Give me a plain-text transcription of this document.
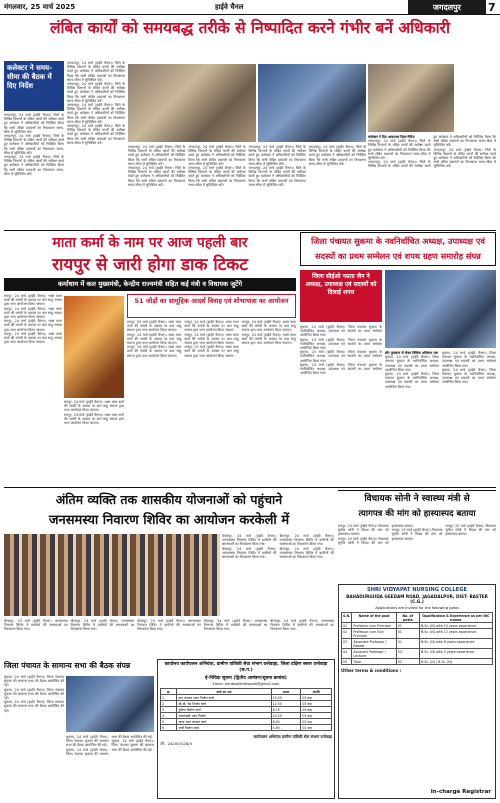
मंगलवार, 25 मार्च 2025	हाईवे चैनल	जगदलपुर	7
लंबित कार्यों को समयबद्ध तरीके से निष्पादित करने गंभीर बनें अधिकारी
कलेक्टर ने समय-सीमा की बैठक में दिए निर्देश
जगदलपुर, 24 मार्च (हाईवे चैनल)। जिले के विभिन्न विभागों के लंबित कार्यों की समीक्षा करते हुए कलेक्टर ने अधिकारियों को निर्देशित किया कि सभी लंबित प्रकरणों का निराकरण समय-सीमा में सुनिश्चित करें।
जगदलपुर, 24 मार्च (हाईवे चैनल)। जिले के विभिन्न विभागों के लंबित कार्यों की समीक्षा करते हुए कलेक्टर ने अधिकारियों को निर्देशित किया कि सभी लंबित प्रकरणों का निराकरण समय-सीमा में सुनिश्चित करें।
जगदलपुर, 24 मार्च (हाईवे चैनल)। जिले के विभिन्न विभागों के लंबित कार्यों की समीक्षा करते हुए कलेक्टर ने अधिकारियों को निर्देशित किया कि सभी लंबित प्रकरणों का निराकरण समय-सीमा में सुनिश्चित करें।
जगदलपुर, 24 मार्च (हाईवे चैनल)। जिले के विभिन्न विभागों के लंबित कार्यों की समीक्षा करते हुए कलेक्टर ने अधिकारियों को निर्देशित किया कि सभी लंबित प्रकरणों का निराकरण समय-सीमा में सुनिश्चित करें।
जगदलपुर, 24 मार्च (हाईवे चैनल)। जिले के विभिन्न विभागों के लंबित कार्यों की समीक्षा करते हुए कलेक्टर ने अधिकारियों को निर्देशित किया कि सभी लंबित प्रकरणों का निराकरण समय-सीमा में सुनिश्चित करें।
जगदलपुर, 24 मार्च (हाईवे चैनल)। जिले के विभिन्न विभागों के लंबित कार्यों की समीक्षा करते हुए कलेक्टर ने अधिकारियों को निर्देशित किया कि सभी लंबित प्रकरणों का निराकरण समय-सीमा में सुनिश्चित करें।
जगदलपुर, 24 मार्च (हाईवे चैनल)। जिले के विभिन्न विभागों के लंबित कार्यों की समीक्षा करते हुए कलेक्टर ने अधिकारियों को निर्देशित किया कि सभी लंबित प्रकरणों का निराकरण समय-सीमा में सुनिश्चित करें।
जगदलपुर, 24 मार्च (हाईवे चैनल)। जिले के विभिन्न विभागों के लंबित कार्यों की समीक्षा करते हुए कलेक्टर ने अधिकारियों को निर्देशित किया कि सभी लंबित प्रकरणों का निराकरण समय-सीमा में सुनिश्चित करें।
जगदलपुर, 24 मार्च (हाईवे चैनल)। जिले के विभिन्न विभागों के लंबित कार्यों की समीक्षा करते हुए कलेक्टर ने अधिकारियों को निर्देशित किया कि सभी लंबित प्रकरणों का निराकरण समय-सीमा में सुनिश्चित करें।
जगदलपुर, 24 मार्च (हाईवे चैनल)। जिले के विभिन्न विभागों के लंबित कार्यों की समीक्षा करते हुए कलेक्टर ने अधिकारियों को निर्देशित किया कि सभी लंबित प्रकरणों का निराकरण समय-सीमा में सुनिश्चित करें।
जगदलपुर, 24 मार्च (हाईवे चैनल)। जिले के विभिन्न विभागों के लंबित कार्यों की समीक्षा करते हुए कलेक्टर ने अधिकारियों को निर्देशित किया कि सभी लंबित प्रकरणों का निराकरण समय-सीमा में सुनिश्चित करें।
जगदलपुर, 24 मार्च (हाईवे चैनल)। जिले के विभिन्न विभागों के लंबित कार्यों की समीक्षा करते हुए कलेक्टर ने अधिकारियों को निर्देशित किया कि सभी लंबित प्रकरणों का निराकरण समय-सीमा में सुनिश्चित करें।
जगदलपुर, 24 मार्च (हाईवे चैनल)। जिले के विभिन्न विभागों के लंबित कार्यों की समीक्षा करते हुए कलेक्टर ने अधिकारियों को निर्देशित किया कि सभी लंबित प्रकरणों का निराकरण समय-सीमा में सुनिश्चित करें।
जगदलपुर, 24 मार्च (हाईवे चैनल)। जिले के विभिन्न विभागों के लंबित कार्यों की समीक्षा करते हुए कलेक्टर ने अधिकारियों को निर्देशित किया कि सभी लंबित प्रकरणों का निराकरण समय-सीमा में सुनिश्चित करें।
कलेक्टर ने दिए आवश्यक दिशा-निर्देश
जगदलपुर, 24 मार्च (हाईवे चैनल)। जिले के विभिन्न विभागों के लंबित कार्यों की समीक्षा करते हुए कलेक्टर ने अधिकारियों को निर्देशित किया कि सभी लंबित प्रकरणों का निराकरण समय-सीमा में सुनिश्चित करें।
जगदलपुर, 24 मार्च (हाईवे चैनल)। जिले के विभिन्न विभागों के लंबित कार्यों की समीक्षा करते हुए कलेक्टर ने अधिकारियों को निर्देशित किया कि सभी लंबित प्रकरणों का निराकरण समय-सीमा में सुनिश्चित करें।
जगदलपुर, 24 मार्च (हाईवे चैनल)। जिले के विभिन्न विभागों के लंबित कार्यों की समीक्षा करते हुए कलेक्टर ने अधिकारियों को निर्देशित किया कि सभी लंबित प्रकरणों का निराकरण समय-सीमा में सुनिश्चित करें।
माता कर्मा के नाम पर आज पहली बार
रायपुर से जारी होगा डाक टिकट
कर्माधाम में कल मुख्यमंत्री, केन्द्रीय राज्यमंत्री सहित कई मंत्री व विधायक जुटेंगे
रायपुर, 24 मार्च (हाईवे चैनल)। भक्त माता कर्मा की जयंती के अवसर पर कल साहू समाज द्वारा भव्य आयोजन किया जाएगा।
रायपुर, 24 मार्च (हाईवे चैनल)। भक्त माता कर्मा की जयंती के अवसर पर कल साहू समाज द्वारा भव्य आयोजन किया जाएगा।
रायपुर, 24 मार्च (हाईवे चैनल)। भक्त माता कर्मा की जयंती के अवसर पर कल साहू समाज द्वारा भव्य आयोजन किया जाएगा।
रायपुर, 24 मार्च (हाईवे चैनल)। भक्त माता कर्मा की जयंती के अवसर पर कल साहू समाज द्वारा भव्य आयोजन किया जाएगा।
51 जोड़ों का सामूहिक आदर्श विवाह एवं शोभायात्रा का आयोजन
रायपुर, 24 मार्च (हाईवे चैनल)। भक्त माता कर्मा की जयंती के अवसर पर कल साहू समाज द्वारा भव्य आयोजन किया जाएगा।
रायपुर, 24 मार्च (हाईवे चैनल)। भक्त माता कर्मा की जयंती के अवसर पर कल साहू समाज द्वारा भव्य आयोजन किया जाएगा।
रायपुर, 24 मार्च (हाईवे चैनल)। भक्त माता कर्मा की जयंती के अवसर पर कल साहू समाज द्वारा भव्य आयोजन किया जाएगा।
रायपुर, 24 मार्च (हाईवे चैनल)। भक्त माता कर्मा की जयंती के अवसर पर कल साहू समाज द्वारा भव्य आयोजन किया जाएगा।
रायपुर, 24 मार्च (हाईवे चैनल)। भक्त माता कर्मा की जयंती के अवसर पर कल साहू समाज द्वारा भव्य आयोजन किया जाएगा।
रायपुर, 24 मार्च (हाईवे चैनल)। भक्त माता कर्मा की जयंती के अवसर पर कल साहू समाज द्वारा भव्य आयोजन किया जाएगा।
रायपुर, 24 मार्च (हाईवे चैनल)। भक्त माता कर्मा की जयंती के अवसर पर कल साहू समाज द्वारा भव्य आयोजन किया जाएगा।
रायपुर, 24 मार्च (हाईवे चैनल)। भक्त माता कर्मा की जयंती के अवसर पर कल साहू समाज द्वारा भव्य आयोजन किया जाएगा।
रायपुर, 24 मार्च (हाईवे चैनल)। भक्त माता कर्मा की जयंती के अवसर पर कल साहू समाज द्वारा भव्य आयोजन किया जाएगा।
रायपुर, 24 मार्च (हाईवे चैनल)। भक्त माता कर्मा की जयंती के अवसर पर कल साहू समाज द्वारा भव्य आयोजन किया जाएगा।
जिला पंचायत सुकमा के नवनिर्वाचित अध्यक्ष, उपाध्यक्ष एवं
सदस्यों का प्रथम सम्मेलन एवं शपथ ग्रहण समारोह संपन्न
जिला सीईओ नम्रता जैन ने अध्यक्ष, उपाध्यक्ष एवं सदस्यों को दिलाई शपथ
सुकमा, 24 मार्च (हाईवे चैनल)। जिला पंचायत सुकमा के नवनिर्वाचित अध्यक्ष, उपाध्यक्ष एवं सदस्यों का प्रथम सम्मेलन आयोजित किया गया।
सुकमा, 24 मार्च (हाईवे चैनल)। जिला पंचायत सुकमा के नवनिर्वाचित अध्यक्ष, उपाध्यक्ष एवं सदस्यों का प्रथम सम्मेलन आयोजित किया गया।
सुकमा, 24 मार्च (हाईवे चैनल)। जिला पंचायत सुकमा के नवनिर्वाचित अध्यक्ष, उपाध्यक्ष एवं सदस्यों का प्रथम सम्मेलन आयोजित किया गया।
सुकमा, 24 मार्च (हाईवे चैनल)। जिला पंचायत सुकमा के नवनिर्वाचित अध्यक्ष, उपाध्यक्ष एवं सदस्यों का प्रथम सम्मेलन आयोजित किया गया।
सौर पुरस्कार से लेकर विधिक अधिकार तक
सुकमा, 24 मार्च (हाईवे चैनल)। जिला पंचायत सुकमा के नवनिर्वाचित अध्यक्ष, उपाध्यक्ष एवं सदस्यों का प्रथम सम्मेलन आयोजित किया गया।
सुकमा, 24 मार्च (हाईवे चैनल)। जिला पंचायत सुकमा के नवनिर्वाचित अध्यक्ष, उपाध्यक्ष एवं सदस्यों का प्रथम सम्मेलन आयोजित किया गया।
सुकमा, 24 मार्च (हाईवे चैनल)। जिला पंचायत सुकमा के नवनिर्वाचित अध्यक्ष, उपाध्यक्ष एवं सदस्यों का प्रथम सम्मेलन आयोजित किया गया।
सुकमा, 24 मार्च (हाईवे चैनल)। जिला पंचायत सुकमा के नवनिर्वाचित अध्यक्ष, उपाध्यक्ष एवं सदस्यों का प्रथम सम्मेलन आयोजित किया गया।
अंतिम व्यक्ति तक शासकीय योजनाओं को पहुंचाने
जनसमस्या निवारण शिविर का आयोजन करकेली में
बीजापुर, 24 मार्च (हाईवे चैनल)। जनसमस्या निवारण शिविर में ग्रामीणों की समस्याओं का निराकरण किया गया।
बीजापुर, 24 मार्च (हाईवे चैनल)। जनसमस्या निवारण शिविर में ग्रामीणों की समस्याओं का निराकरण किया गया।
बीजापुर, 24 मार्च (हाईवे चैनल)। जनसमस्या निवारण शिविर में ग्रामीणों की समस्याओं का निराकरण किया गया।
बीजापुर, 24 मार्च (हाईवे चैनल)। जनसमस्या निवारण शिविर में ग्रामीणों की समस्याओं का निराकरण किया गया।
बीजापुर, 24 मार्च (हाईवे चैनल)। जनसमस्या निवारण शिविर में ग्रामीणों की समस्याओं का निराकरण किया गया।
बीजापुर, 24 मार्च (हाईवे चैनल)। जनसमस्या निवारण शिविर में ग्रामीणों की समस्याओं का निराकरण किया गया।
बीजापुर, 24 मार्च (हाईवे चैनल)। जनसमस्या निवारण शिविर में ग्रामीणों की समस्याओं का निराकरण किया गया।
बीजापुर, 24 मार्च (हाईवे चैनल)। जनसमस्या निवारण शिविर में ग्रामीणों की समस्याओं का निराकरण किया गया।
बीजापुर, 24 मार्च (हाईवे चैनल)। जनसमस्या निवारण शिविर में ग्रामीणों की समस्याओं का निराकरण किया गया।
विधायक सोनी ने स्वास्थ्य मंत्री से
त्यागपत्र की मांग को हास्यास्पद बताया
रायपुर, 25 मार्च (हाईवे चैनल)। विधायक सुनील सोनी ने विपक्ष की मांग को हास्यास्पद बताया।
रायपुर, 25 मार्च (हाईवे चैनल)। विधायक सुनील सोनी ने विपक्ष की मांग को हास्यास्पद बताया।
रायपुर, 25 मार्च (हाईवे चैनल)। विधायक सुनील सोनी ने विपक्ष की मांग को हास्यास्पद बताया।
रायपुर, 25 मार्च (हाईवे चैनल)। विधायक सुनील सोनी ने विपक्ष की मांग को हास्यास्पद बताया।
SHRI VIDYAPAT NURSING COLLEGE
BAHADURGUDA GEEDAM ROAD, JAGADALPUR, DIST- BASTER (C.G.)
Applications are invited for the following posts
S.N.	Name of the post	No. of posts	Qualification & Experience as per INC norms
01	Professor cum Principal	01	M.Sc. (N) with 15 years experience
02	Professor cum Vice Principal	01	M.Sc. (N) with 12 years experience
03	Associate Professor / Reader	01	M.Sc. (N) with 8 years experience
04	Assistant Professor / Lecturer	03	M.Sc. (N) with 3 years experience
05	Tutor	02	M.Sc. (N) / B.Sc. (N)
Other terms & conditions :
In-charge Registrar
जिला पंचायत के सामान्य सभा की बैठक संपन्न
सुकमा, 24 मार्च (हाईवे चैनल)। जिला पंचायत सुकमा की सामान्य सभा की बैठक आयोजित की गई।
सुकमा, 24 मार्च (हाईवे चैनल)। जिला पंचायत सुकमा की सामान्य सभा की बैठक आयोजित की गई।
सुकमा, 24 मार्च (हाईवे चैनल)। जिला पंचायत सुकमा की सामान्य सभा की बैठक आयोजित की गई।
सुकमा, 24 मार्च (हाईवे चैनल)। जिला पंचायत सुकमा की सामान्य सभा की बैठक आयोजित की गई।
सुकमा, 24 मार्च (हाईवे चैनल)। जिला पंचायत सुकमा की सामान्य सभा की बैठक आयोजित की गई।
सुकमा, 24 मार्च (हाईवे चैनल)। जिला पंचायत सुकमा की सामान्य सभा की बैठक आयोजित की गई।
कार्यालय कार्यपालन अभियंता, ग्रामीण यांत्रिकी सेवा संभाग दन्तेवाड़ा, जिला दक्षिण बस्तर दन्तेवाड़ा (छ.ग.)
ई-निविदा सूचना (द्वितीय आमंत्रण/सूचना क्रमांक)
Email: eerdesdantewada@gmail.com
क्र.	कार्य का नाम	लागत	अवधि
1	ग्राम पंचायत भवन निर्माण कार्य	15.00	03 माह
2	सी.सी. रोड निर्माण कार्य	12.50	03 माह
3	पुलिया निर्माण कार्य	8.75	04 माह
4	आंगनबाड़ी भवन निर्माण	10.20	03 माह
5	शाला भवन मरम्मत कार्य	6.40	02 माह
6	नाली निर्माण कार्य	4.90	02 माह
कार्यपालन अभियंता ग्रामीण यांत्रिकी सेवा संभाग दन्तेवाड़ा
जी - 24200/128/4
